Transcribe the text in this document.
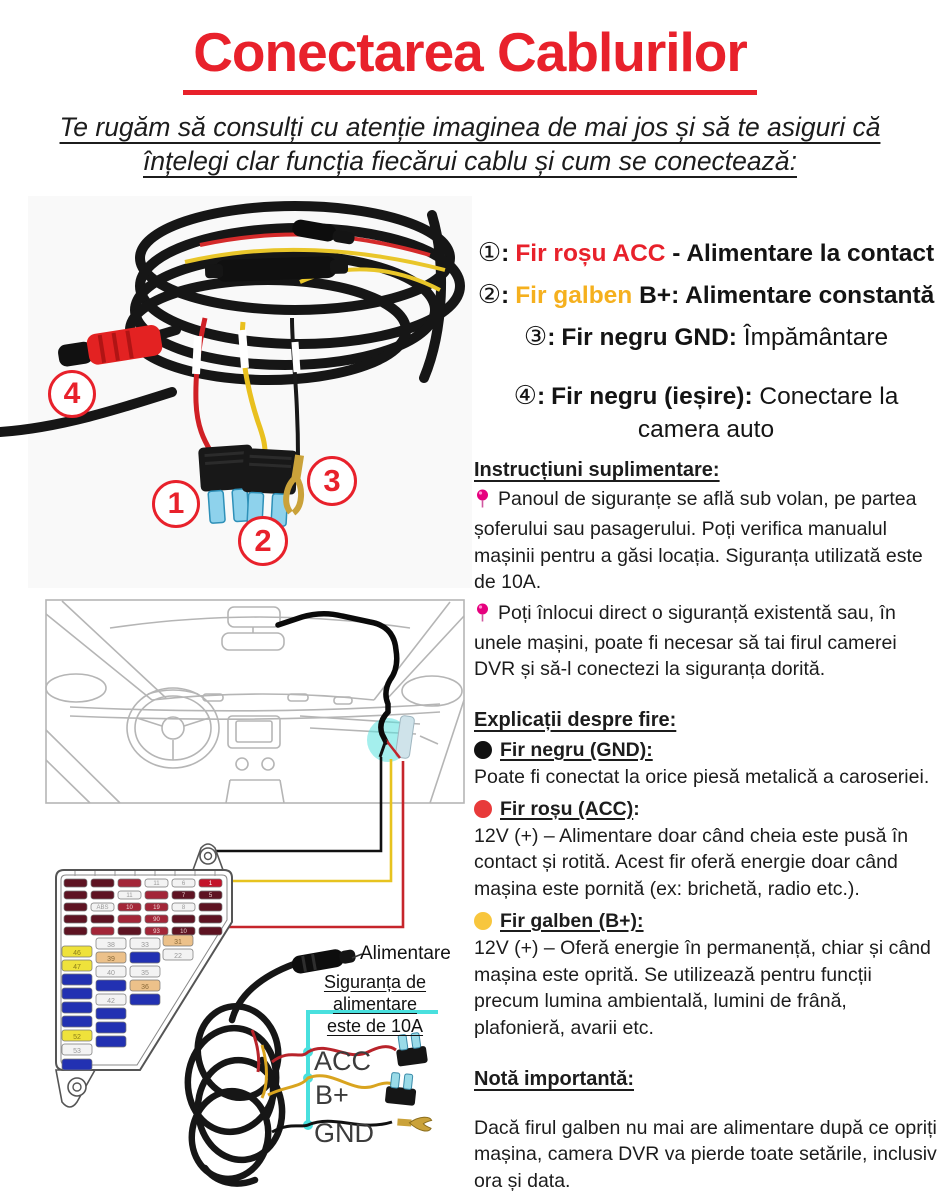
11	6	1
11	7	5
ABS	10	19	8
90
93	10
46
47
52
53
38
39
40
42
33
35
36
31
22
Conectarea Cablurilor
Te rugăm să consulți cu atenție imaginea de mai jos și să te asiguri că înțelegi clar funcția fiecărui cablu și cum se conectează:
4
1
2
3
Alimentare
Siguranța de alimentare
este de 10A
ACC
B+
GND

①: Fir roșu ACC - Alimentare la contact

②: Fir galben B+: Alimentare constantă

③: Fir negru GND: Împământare

④: Fir negru (ieșire): Conectare la camera auto

Instrucțiuni suplimentare:

Panoul de siguranțe se află sub volan, pe partea șoferului sau pasagerului. Poți verifica manualul mașinii pentru a găsi locația. Siguranța utilizată este de 10A.

Poți înlocui direct o siguranță existentă sau, în unele mașini, poate fi necesar să tai firul camerei DVR și să-l conectezi la siguranța dorită.

Explicații despre fire:

Fir negru (GND):

Poate fi conectat la orice piesă metalică a caroseriei.

Fir roșu (ACC):

12V (+) – Alimentare doar când cheia este pusă în contact și rotită. Acest fir oferă energie doar când mașina este pornită (ex: brichetă, radio etc.).

Fir galben (B+):

12V (+) – Oferă energie în permanență, chiar și când mașina este oprită. Se utilizează pentru funcții precum lumina ambientală, lumini de frână, plafonieră, avarii etc.

Notă importantă:

Dacă firul galben nu mai are alimentare după ce opriți mașina, camera DVR va pierde toate setările, inclusiv ora și data.
